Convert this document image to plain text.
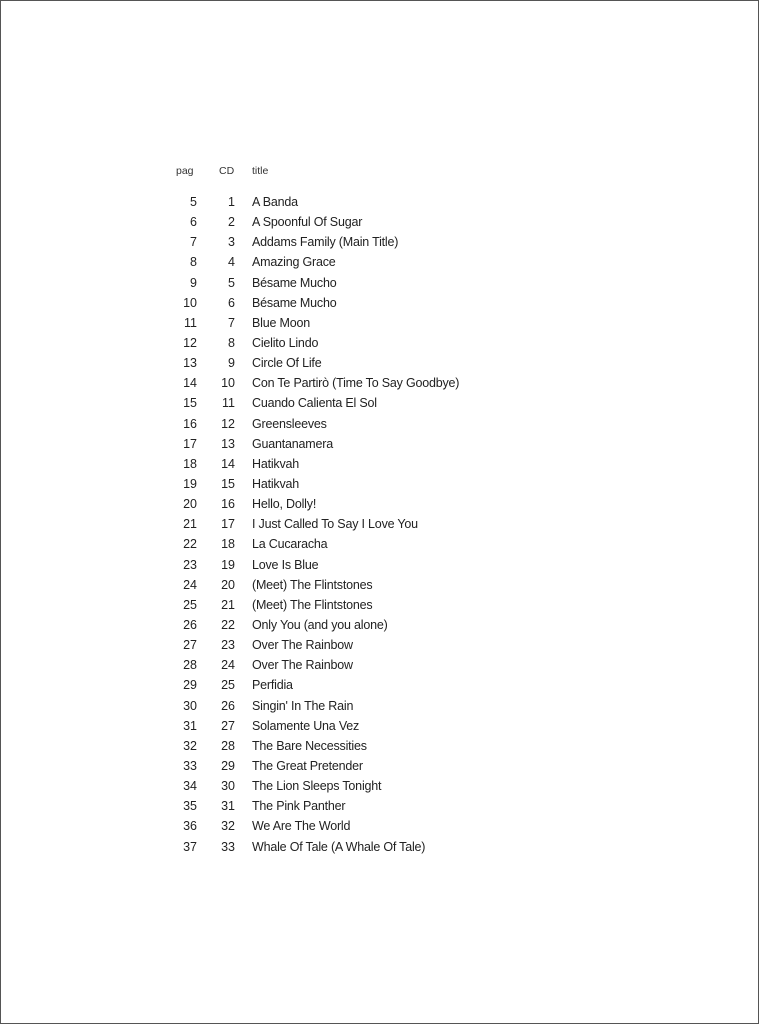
pag CD title
5	1 A Banda
6	2 A Spoonful Of Sugar
7	3 Addams Family (Main Title)
8	4 Amazing Grace
9	5 Bésame Mucho
10	6 Bésame Mucho
11	7 Blue Moon
12	8 Cielito Lindo
13	9 Circle Of Life
14	10 Con Te Partirò (Time To Say Goodbye)
15	11 Cuando Calienta El Sol
16	12 Greensleeves
17	13 Guantanamera
18	14 Hatikvah
19	15 Hatikvah
20	16 Hello, Dolly!
21	17 I Just Called To Say I Love You
22	18 La Cucaracha
23	19 Love Is Blue
24	20 (Meet) The Flintstones
25	21 (Meet) The Flintstones
26	22 Only You (and you alone)
27	23 Over The Rainbow
28	24 Over The Rainbow
29	25 Perfidia
30	26 Singin' In The Rain
31	27 Solamente Una Vez
32	28 The Bare Necessities
33	29 The Great Pretender
34	30 The Lion Sleeps Tonight
35	31 The Pink Panther
36	32 We Are The World
37	33 Whale Of Tale (A Whale Of Tale)
